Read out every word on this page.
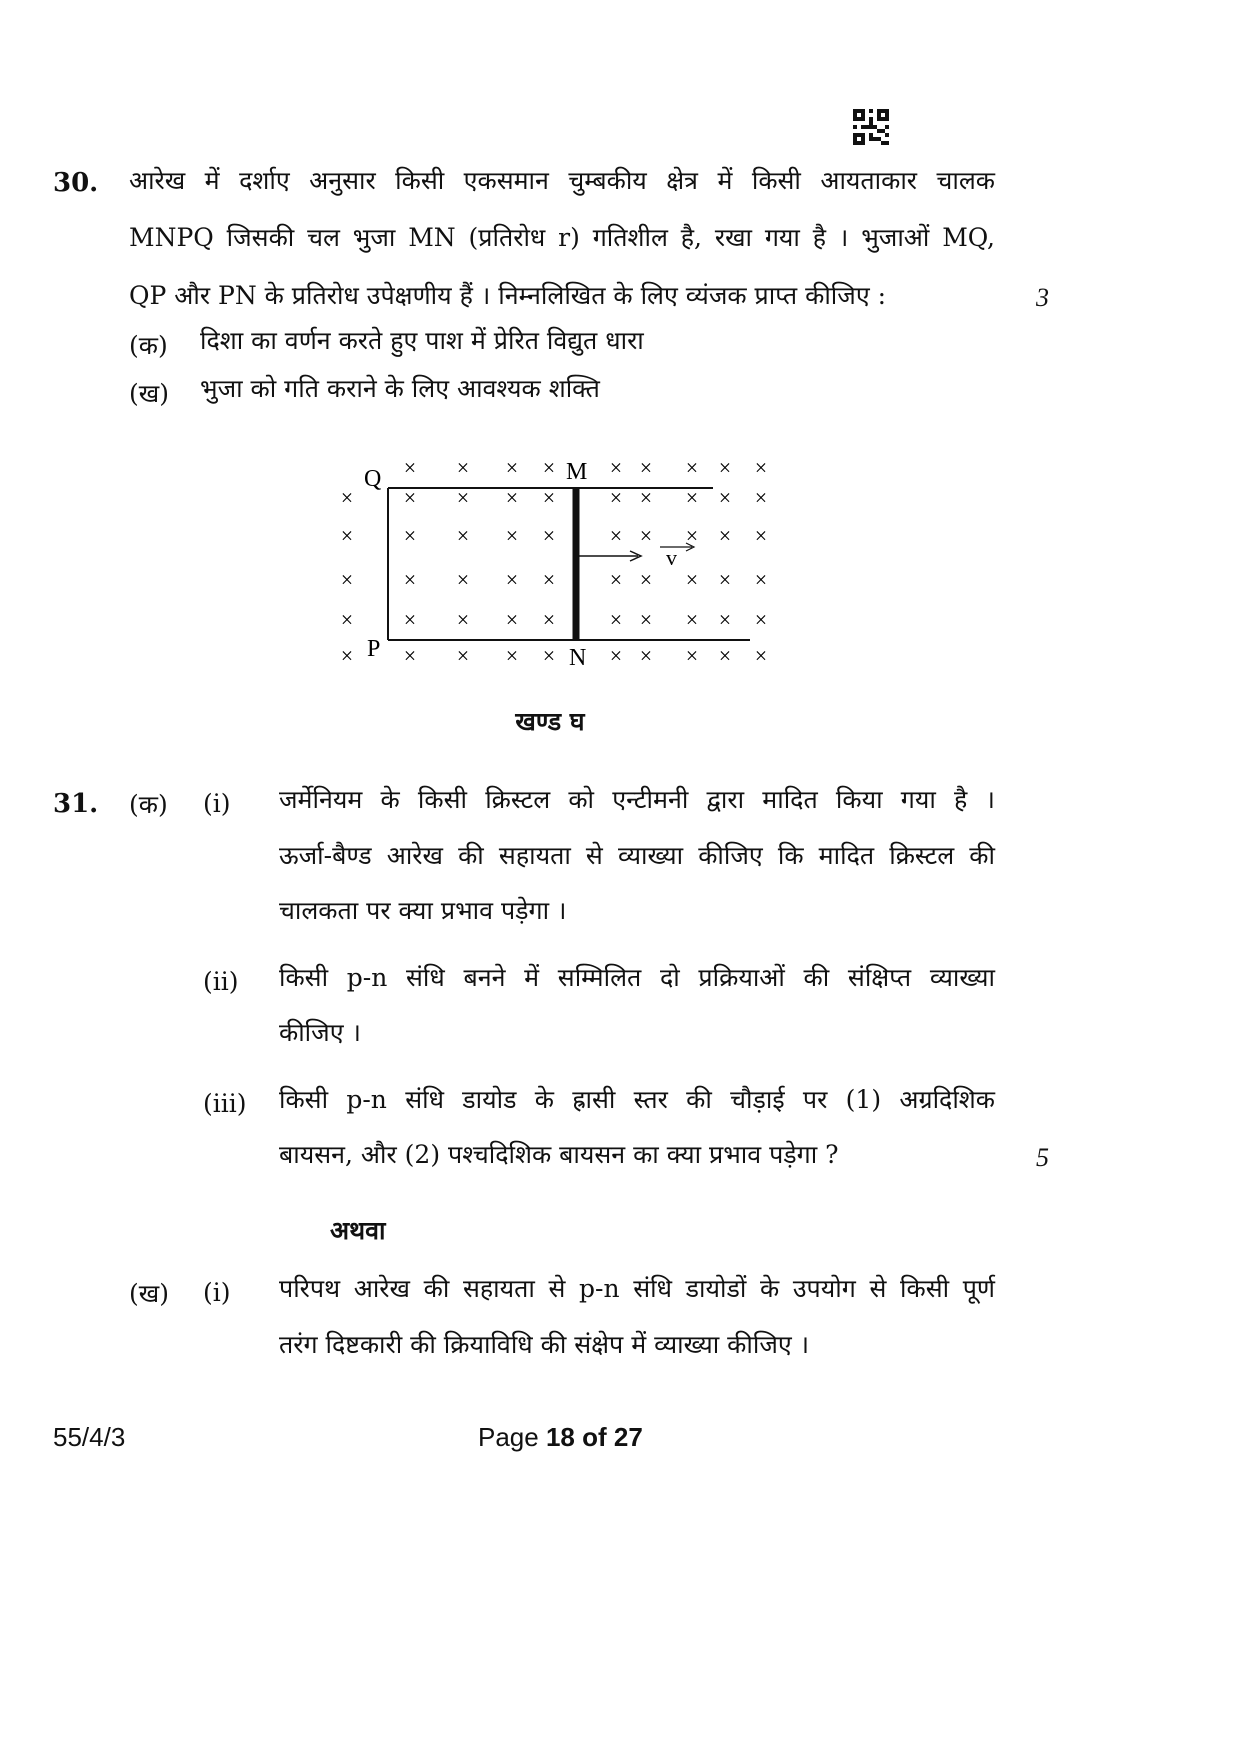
30. आरेख में दर्शाए अनुसार किसी एकसमान चुम्बकीय क्षेत्र में किसी आयताकार चालक
MNPQ जिसकी चल भुजा MN (प्रतिरोध r) गतिशील है, रखा गया है । भुजाओं MQ,
QP और PN के प्रतिरोध उपेक्षणीय हैं । निम्नलिखित के लिए व्यंजक प्राप्त कीजिए :	3
(क) दिशा का वर्णन करते हुए पाश में प्रेरित विद्युत धारा
(ख) भुजा को गति कराने के लिए आवश्यक शक्ति
× × × × × × × × ×
× × × × × × × × × ×
× × × × × × × × × ×
× × × × × × × × × ×
× × × × × × × × × ×
× × × × × × × × × ×
Q	M
P	N
v
खण्ड घ
31. (क) (i) जर्मेनियम के किसी क्रिस्टल को एन्टीमनी द्वारा मादित किया गया है ।
ऊर्जा-बैण्ड आरेख की सहायता से व्याख्या कीजिए कि मादित क्रिस्टल की
चालकता पर क्या प्रभाव पड़ेगा ।
(ii) किसी p-n संधि बनने में सम्मिलित दो प्रक्रियाओं की संक्षिप्त व्याख्या
कीजिए ।
(iii) किसी p-n संधि डायोड के ह्रासी स्तर की चौड़ाई पर (1) अग्रदिशिक
बायसन, और (2) पश्चदिशिक बायसन का क्या प्रभाव पड़ेगा ?	5
अथवा
(ख) (i) परिपथ आरेख की सहायता से p-n संधि डायोडों के उपयोग से किसी पूर्ण
तरंग दिष्टकारी की क्रियाविधि की संक्षेप में व्याख्या कीजिए ।
55/4/3	Page 18 of 27
